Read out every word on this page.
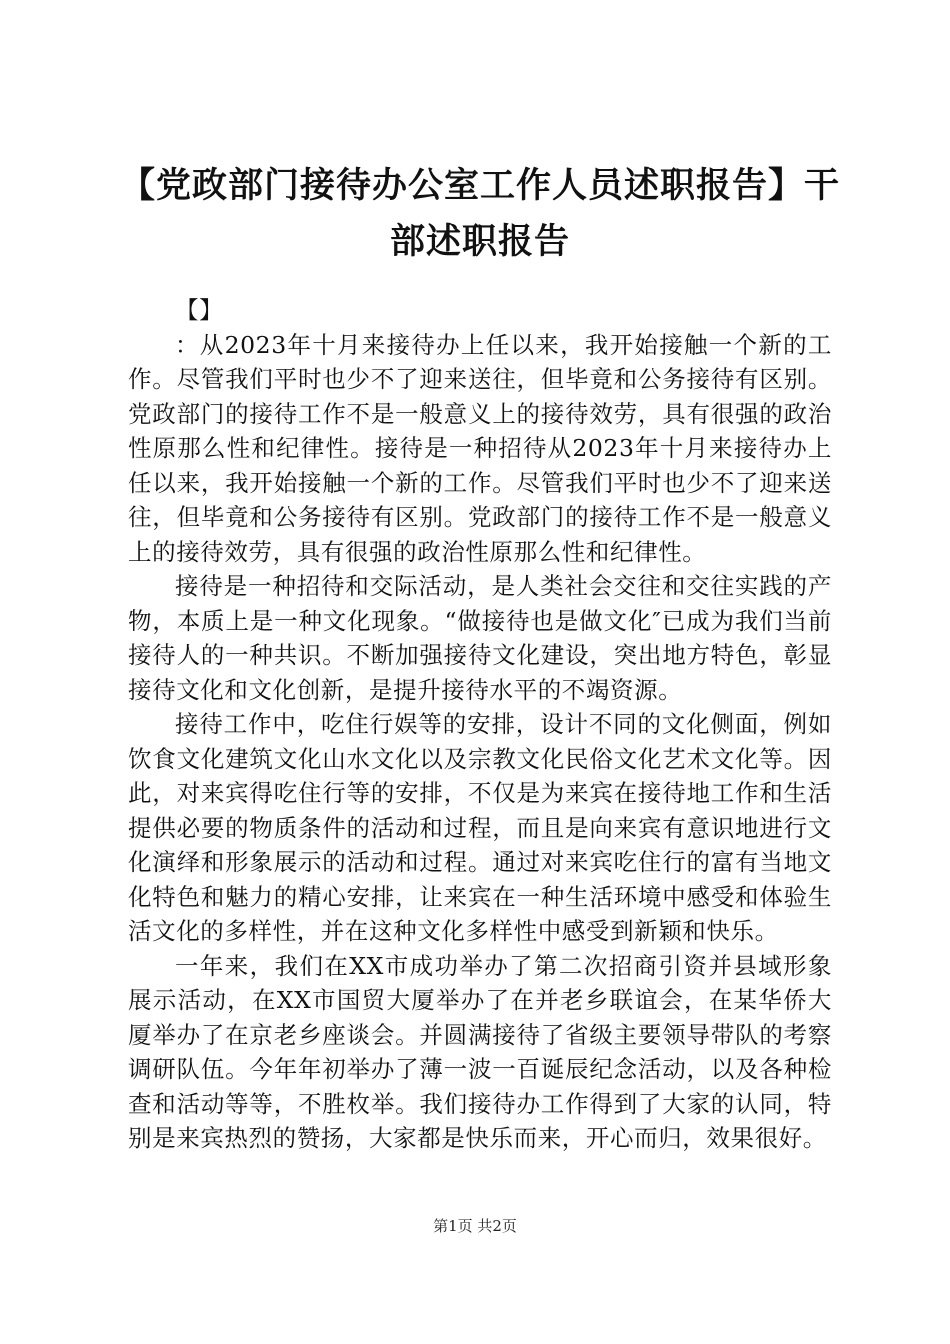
【党政部门接待办公室工作人员述职报告】干部述职报告

【】

：从2023年十月来接待办上任以来，我开始接触一个新的工作。尽管我们平时也少不了迎来送往，但毕竟和公务接待有区别。党政部门的接待工作不是一般意义上的接待效劳，具有很强的政治性原那么性和纪律性。接待是一种招待从2023年十月来接待办上任以来，我开始接触一个新的工作。尽管我们平时也少不了迎来送往，但毕竟和公务接待有区别。党政部门的接待工作不是一般意义上的接待效劳，具有很强的政治性原那么性和纪律性。

接待是一种招待和交际活动，是人类社会交往和交往实践的产物，本质上是一种文化现象。“做接待也是做文化″已成为我们当前接待人的一种共识。不断加强接待文化建设，突出地方特色，彰显接待文化和文化创新，是提升接待水平的不竭资源。

接待工作中，吃住行娱等的安排，设计不同的文化侧面，例如饮食文化建筑文化山水文化以及宗教文化民俗文化艺术文化等。因此，对来宾得吃住行等的安排，不仅是为来宾在接待地工作和生活提供必要的物质条件的活动和过程，而且是向来宾有意识地进行文化演绎和形象展示的活动和过程。通过对来宾吃住行的富有当地文化特色和魅力的精心安排，让来宾在一种生活环境中感受和体验生活文化的多样性，并在这种文化多样性中感受到新颖和快乐。

一年来，我们在XX市成功举办了第二次招商引资并县域形象展示活动，在XX市国贸大厦举办了在并老乡联谊会，在某华侨大厦举办了在京老乡座谈会。并圆满接待了省级主要领导带队的考察调研队伍。今年年初举办了薄一波一百诞辰纪念活动，以及各种检查和活动等等，不胜枚举。我们接待办工作得到了大家的认同，特别是来宾热烈的赞扬，大家都是快乐而来，开心而归，效果很好。

第1页 共2页
